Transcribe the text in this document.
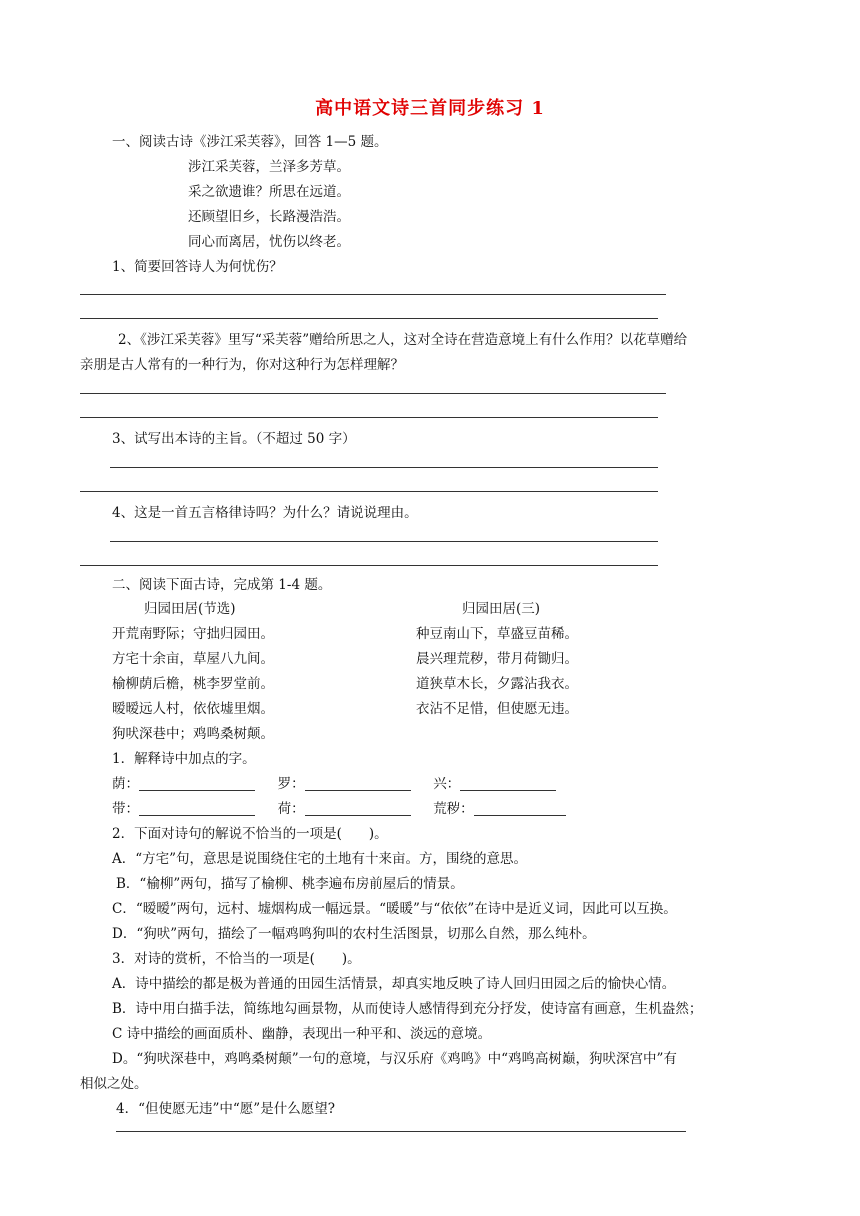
高中语文诗三首同步练习 1
一、阅读古诗《涉江采芙蓉》，回答 1—5 题。
涉江采芙蓉，兰泽多芳草。
采之欲遗谁？所思在远道。
还顾望旧乡，长路漫浩浩。
同心而离居，忧伤以终老。
1、简要回答诗人为何忧伤？
2、《涉江采芙蓉》里写“采芙蓉”赠给所思之人，这对全诗在营造意境上有什么作用？以花草赠给
亲朋是古人常有的一种行为，你对这种行为怎样理解？
3、试写出本诗的主旨。（不超过 50 字）
4、这是一首五言格律诗吗？为什么？请说说理由。
二、阅读下面古诗，完成第 1-4 题。
归园田居(节选)	归园田居(三)
开荒南野际；守拙归园田。
方宅十余亩，草屋八九间。
榆柳荫后檐，桃李罗堂前。
暧暧远人村，依依墟里烟。
狗吠深巷中；鸡鸣桑树颠。
种豆南山下，草盛豆苗稀。
晨兴理荒秽，带月荷锄归。
道狭草木长，夕露沾我衣。
衣沾不足惜，但使愿无违。
1．解释诗中加点的字。
荫：	罗：	兴：
带：	荷：	荒秽：
2．下面对诗句的解说不恰当的一项是(　　)。
A．“方宅”句，意思是说围绕住宅的土地有十来亩。方，围绕的意思。
B．“榆柳”两句，描写了榆柳、桃李遍布房前屋后的情景。
C．“暧暧”两句，远村、墟烟构成一幅远景。“暖暖”与“依依”在诗中是近义词，因此可以互换。
D．“狗吠”两句，描绘了一幅鸡鸣狗叫的农村生活图景，切那么自然，那么纯朴。
3．对诗的赏析，不恰当的一项是(　　)。
A．诗中描绘的都是极为普通的田园生活情景，却真实地反映了诗人回归田园之后的愉快心情。
B．诗中用白描手法，简练地勾画景物，从而使诗人感情得到充分抒发，使诗富有画意，生机盎然；
C 诗中描绘的画面质朴、幽静，表现出一种平和、淡远的意境。
D。“狗吠深巷中，鸡鸣桑树颠”一句的意境，与汉乐府《鸡鸣》中“鸡鸣高树巅，狗吠深宫中”有
相似之处。
4．“但使愿无违”中“愿”是什么愿望?
